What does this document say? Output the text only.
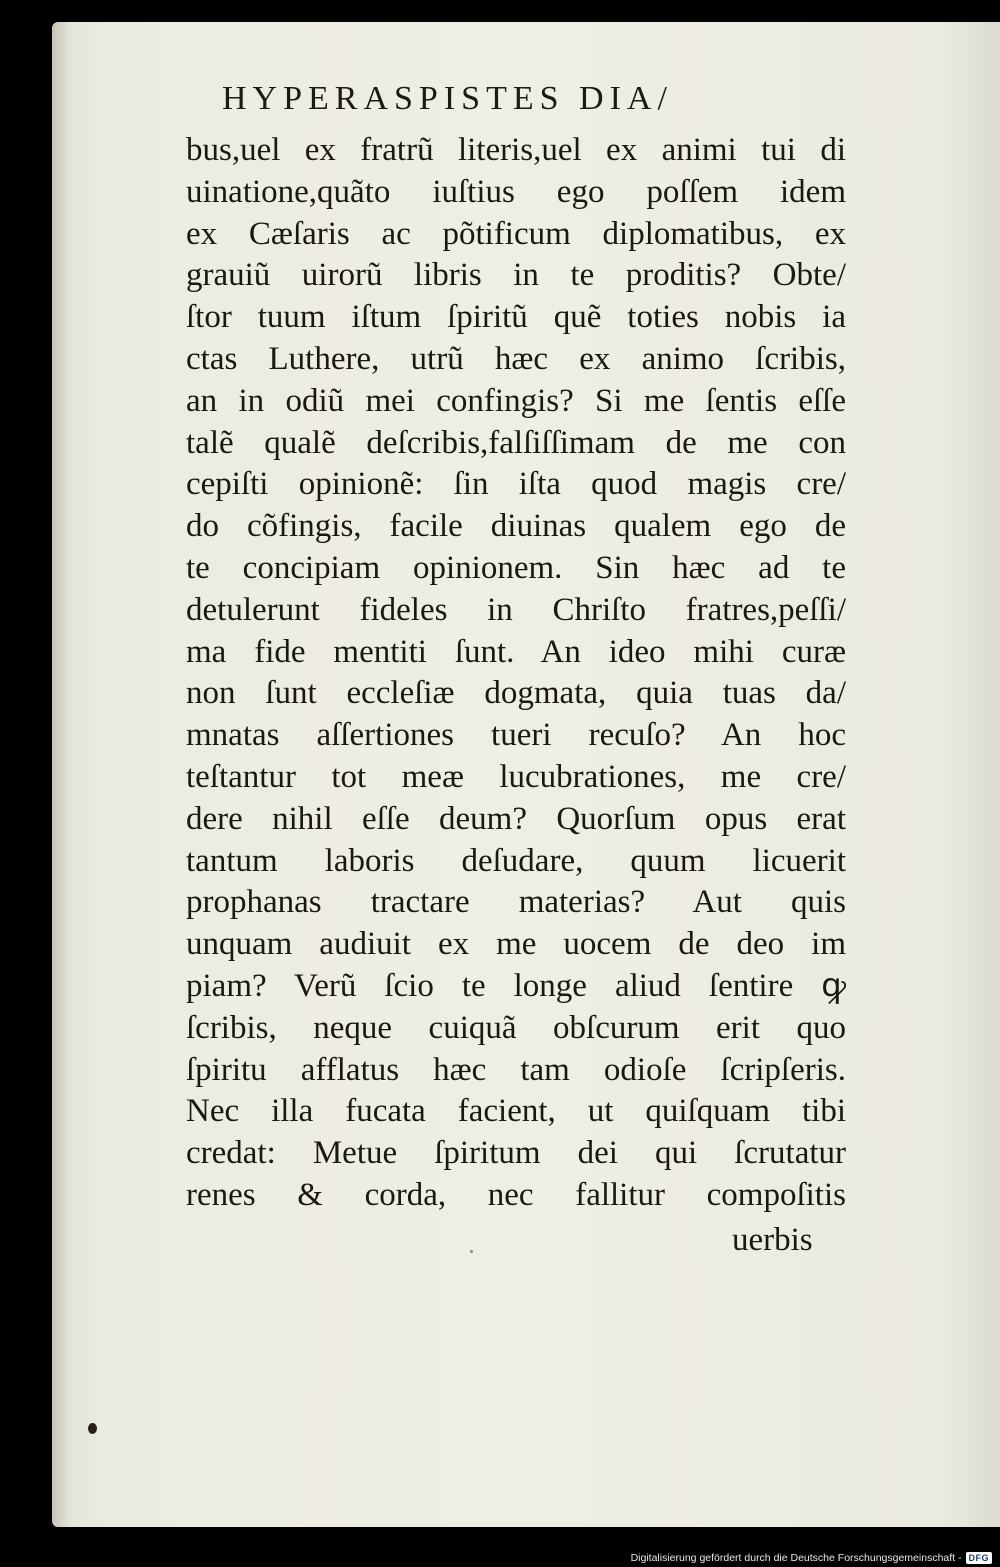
HYPERASPISTES DIA/
bus,uel ex fratrũ literis,uel ex animi tui di
uinatione,quãto iuſtius ego poſſem idem
ex Cæſaris ac põtificum diplomatibus, ex
grauiũ uirorũ libris in te proditis? Obte/
ſtor tuum iſtum ſpiritũ quẽ toties nobis ia
ctas Luthere, utrũ hæc ex animo ſcribis,
an in odiũ mei confingis? Si me ſentis eſſe
talẽ qualẽ deſcribis,falſiſſimam de me con
cepiſti opinionẽ: ſin iſta quod magis cre/
do cõfingis, facile diuinas qualem ego de
te concipiam opinionem. Sin hæc ad te
detulerunt fideles in Chriſto fratres,peſſi/
ma fide mentiti ſunt. An ideo mihi curæ
non ſunt eccleſiæ dogmata, quia tuas da/
mnatas aſſertiones tueri recuſo? An hoc
teſtantur tot meæ lucubrationes, me cre/
dere nihil eſſe deum? Quorſum opus erat
tantum laboris deſudare, quum licuerit
prophanas tractare materias? Aut quis
unquam audiuit ex me uocem de deo im
piam? Verũ ſcio te longe aliud ſentire ꝙ
ſcribis, neque cuiquã obſcurum erit quo
ſpiritu afflatus hæc tam odioſe ſcripſeris.
Nec illa fucata facient, ut quiſquam tibi
credat: Metue ſpiritum dei qui ſcrutatur
renes & corda, nec fallitur compoſitis
uerbis
Digitalisierung gefördert durch die Deutsche Forschungsgemeinschaft - DFG
